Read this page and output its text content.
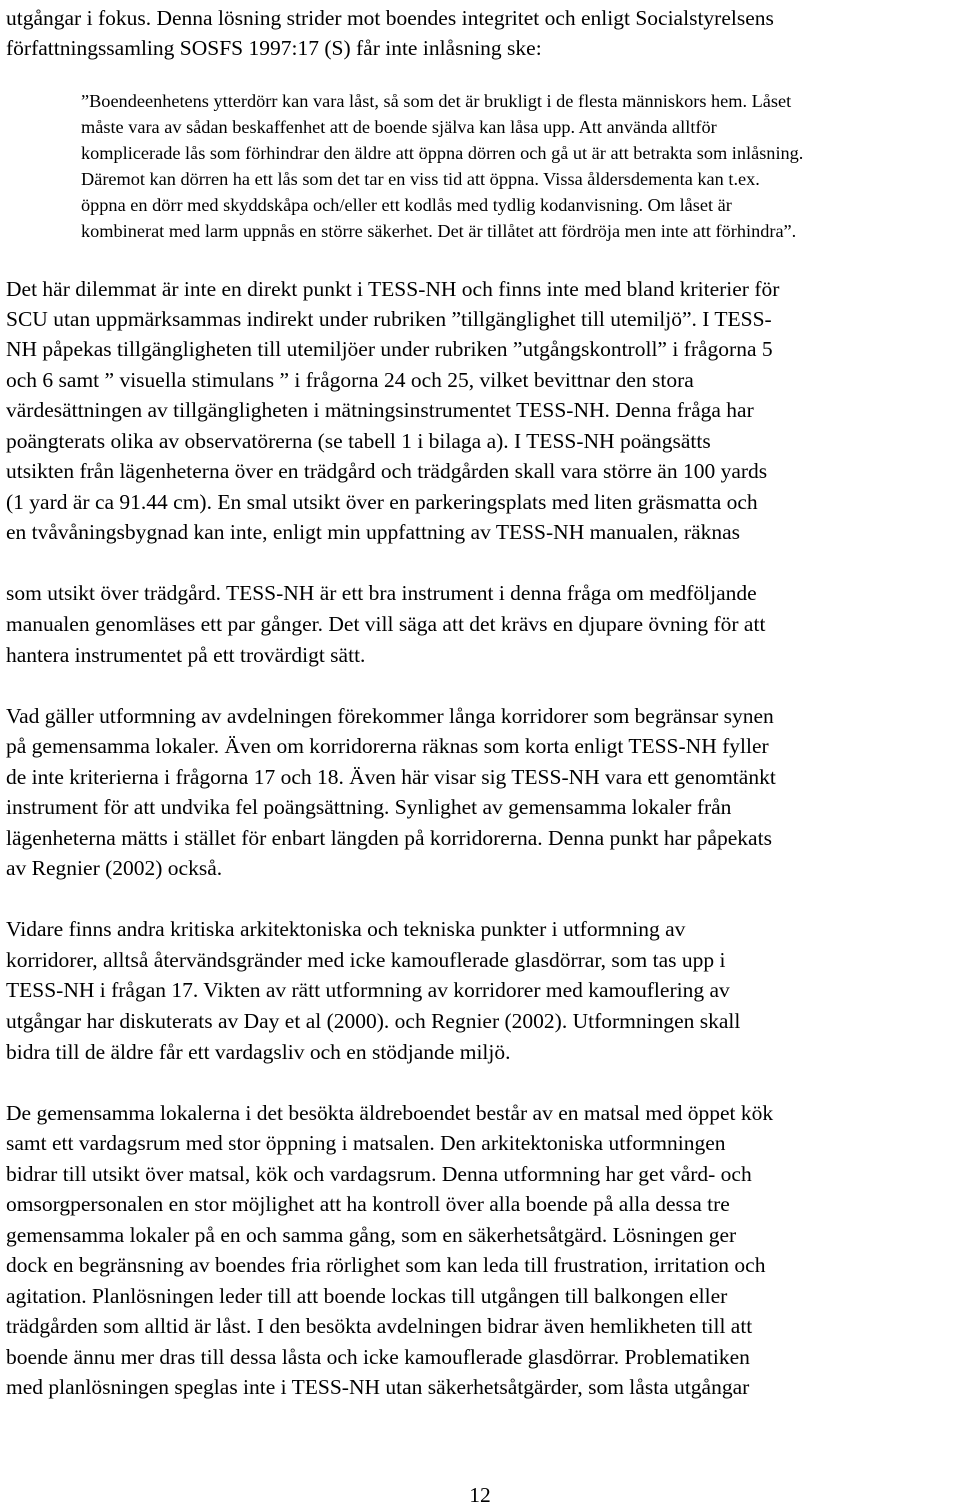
utgångar i fokus. Denna lösning strider mot boendes integritet och enligt Socialstyrelsens
författningssamling SOSFS 1997:17 (S) får inte inlåsning ske:
”Boendeenhetens ytterdörr kan vara låst, så som det är brukligt i de flesta människors hem. Låset
måste vara av sådan beskaffenhet att de boende själva kan låsa upp. Att använda alltför
komplicerade lås som förhindrar den äldre att öppna dörren och gå ut är att betrakta som inlåsning.
Däremot kan dörren ha ett lås som det tar en viss tid att öppna. Vissa åldersdementa kan t.ex.
öppna en dörr med skyddskåpa och/eller ett kodlås med tydlig kodanvisning. Om låset är
kombinerat med larm uppnås en större säkerhet. Det är tillåtet att fördröja men inte att förhindra”.
Det här dilemmat är inte en direkt punkt i TESS-NH och finns inte med bland kriterier för
SCU utan uppmärksammas indirekt under rubriken ”tillgänglighet till utemiljö”. I TESS-
NH påpekas tillgängligheten till utemiljöer under rubriken ”utgångskontroll” i frågorna 5
och 6 samt ” visuella stimulans ” i frågorna 24 och 25, vilket bevittnar den stora
värdesättningen av tillgängligheten i mätningsinstrumentet TESS-NH. Denna fråga har
poängterats olika av observatörerna (se tabell 1 i bilaga a). I TESS-NH poängsätts
utsikten från lägenheterna över en trädgård och trädgården skall vara större än 100 yards
(1 yard är ca 91.44 cm). En smal utsikt över en parkeringsplats med liten gräsmatta och
en tvåvåningsbygnad kan inte, enligt min uppfattning av TESS-NH manualen, räknas
som utsikt över trädgård. TESS-NH är ett bra instrument i denna fråga om medföljande
manualen genomläses ett par gånger. Det vill säga att det krävs en djupare övning för att
hantera instrumentet på ett trovärdigt sätt.
Vad gäller utformning av avdelningen förekommer långa korridorer som begränsar synen
på gemensamma lokaler. Även om korridorerna räknas som korta enligt TESS-NH fyller
de inte kriterierna i frågorna 17 och 18. Även här visar sig TESS-NH vara ett genomtänkt
instrument för att undvika fel poängsättning. Synlighet av gemensamma lokaler från
lägenheterna mätts i stället för enbart längden på korridorerna. Denna punkt har påpekats
av Regnier (2002) också.
Vidare finns andra kritiska arkitektoniska och tekniska punkter i utformning av
korridorer, alltså återvändsgränder med icke kamouflerade glasdörrar, som tas upp i
TESS-NH i frågan 17. Vikten av rätt utformning av korridorer med kamouflering av
utgångar har diskuterats av Day et al (2000). och Regnier (2002). Utformningen skall
bidra till de äldre får ett vardagsliv och en stödjande miljö.
De gemensamma lokalerna i det besökta äldreboendet består av en matsal med öppet kök
samt ett vardagsrum med stor öppning i matsalen. Den arkitektoniska utformningen
bidrar till utsikt över matsal, kök och vardagsrum. Denna utformning har get vård- och
omsorgpersonalen en stor möjlighet att ha kontroll över alla boende på alla dessa tre
gemensamma lokaler på en och samma gång, som en säkerhetsåtgärd. Lösningen ger
dock en begränsning av boendes fria rörlighet som kan leda till frustration, irritation och
agitation. Planlösningen leder till att boende lockas till utgången till balkongen eller
trädgården som alltid är låst. I den besökta avdelningen bidrar även hemlikheten till att
boende ännu mer dras till dessa låsta och icke kamouflerade glasdörrar. Problematiken
med planlösningen speglas inte i TESS-NH utan säkerhetsåtgärder, som låsta utgångar
12
